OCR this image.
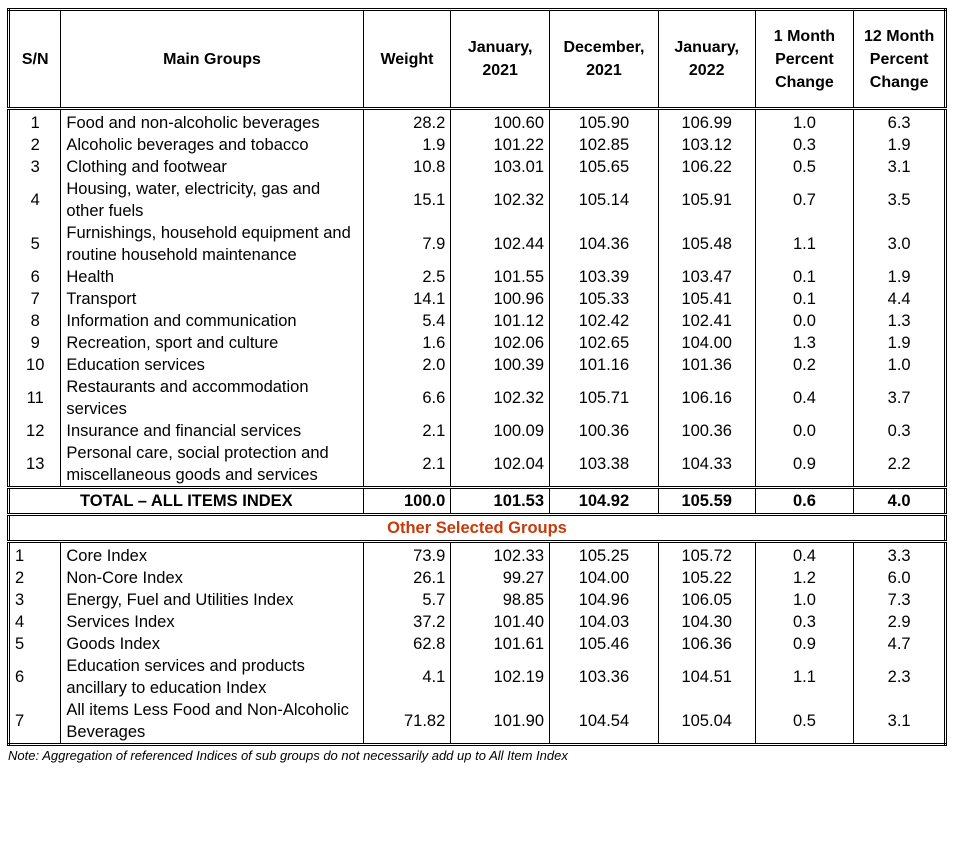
S/N	Main Groups	Weight	January, 2021	December, 2021	January, 2022	1 Month Percent Change	12 Month Percent Change
1	Food and non-alcoholic beverages	28.2	100.60	105.90	106.99	1.0	6.3
2	Alcoholic beverages and tobacco	1.9	101.22	102.85	103.12	0.3	1.9
3	Clothing and footwear	10.8	103.01	105.65	106.22	0.5	3.1
4	Housing, water, electricity, gas and other fuels	15.1	102.32	105.14	105.91	0.7	3.5
5	Furnishings, household equipment and routine household maintenance	7.9	102.44	104.36	105.48	1.1	3.0
6	Health	2.5	101.55	103.39	103.47	0.1	1.9
7	Transport	14.1	100.96	105.33	105.41	0.1	4.4
8	Information and communication	5.4	101.12	102.42	102.41	0.0	1.3
9	Recreation, sport and culture	1.6	102.06	102.65	104.00	1.3	1.9
10	Education services	2.0	100.39	101.16	101.36	0.2	1.0
11	Restaurants and accommodation services	6.6	102.32	105.71	106.16	0.4	3.7
12	Insurance and financial services	2.1	100.09	100.36	100.36	0.0	0.3
13	Personal care, social protection and miscellaneous goods and services	2.1	102.04	103.38	104.33	0.9	2.2
TOTAL – ALL ITEMS INDEX		100.0	101.53	104.92	105.59	0.6	4.0
Other Selected Groups							
1	Core Index	73.9	102.33	105.25	105.72	0.4	3.3
2	Non-Core Index	26.1	99.27	104.00	105.22	1.2	6.0
3	Energy, Fuel and Utilities Index	5.7	98.85	104.96	106.05	1.0	7.3
4	Services Index	37.2	101.40	104.03	104.30	0.3	2.9
5	Goods Index	62.8	101.61	105.46	106.36	0.9	4.7
6	Education services and products ancillary to education Index	4.1	102.19	103.36	104.51	1.1	2.3
7	All items Less Food and Non-Alcoholic Beverages	71.82	101.90	104.54	105.04	0.5	3.1
Note: Aggregation of referenced Indices of sub groups do not necessarily add up to All Item Index
